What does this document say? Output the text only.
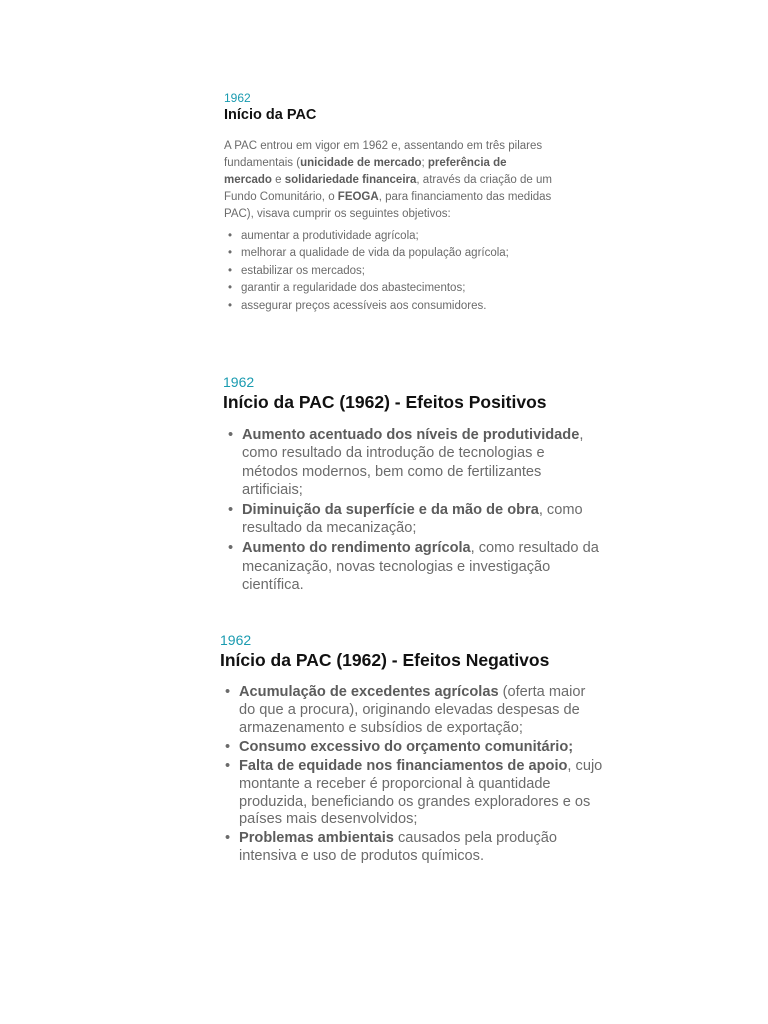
1962
Início da PAC

A PAC entrou em vigor em 1962 e, assentando em três pilares fundamentais (unicidade de mercado; preferência de mercado e solidariedade financeira, através da criação de um Fundo Comunitário, o FEOGA, para financiamento das medidas PAC), visava cumprir os seguintes objetivos:

• aumentar a produtividade agrícola;
• melhorar a qualidade de vida da população agrícola;
• estabilizar os mercados;
• garantir a regularidade dos abastecimentos;
• assegurar preços acessíveis aos consumidores.
1962
Início da PAC (1962) - Efeitos Positivos
• Aumento acentuado dos níveis de produtividade, como resultado da introdução de tecnologias e métodos modernos, bem como de fertilizantes artificiais;
• Diminuição da superfície e da mão de obra, como resultado da mecanização;
• Aumento do rendimento agrícola, como resultado da mecanização, novas tecnologias e investigação científica.
1962
Início da PAC (1962) - Efeitos Negativos
• Acumulação de excedentes agrícolas (oferta maior do que a procura), originando elevadas despesas de armazenamento e subsídios de exportação;
• Consumo excessivo do orçamento comunitário;
• Falta de equidade nos financiamentos de apoio, cujo montante a receber é proporcional à quantidade produzida, beneficiando os grandes exploradores e os países mais desenvolvidos;
• Problemas ambientais causados pela produção intensiva e uso de produtos químicos.
